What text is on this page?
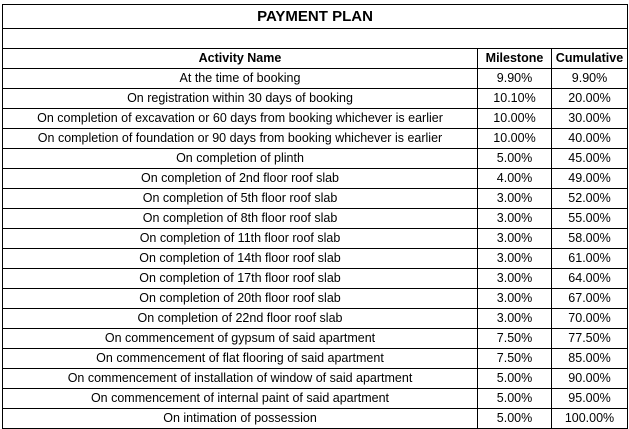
PAYMENT PLAN		

Activity Name	Milestone	Cumulative
At the time of booking	9.90%	9.90%
On registration within 30 days of booking	10.10%	20.00%
On completion of excavation or 60 days from booking whichever is earlier	10.00%	30.00%
On completion of foundation or 90 days from booking whichever is earlier	10.00%	40.00%
On completion of plinth	5.00%	45.00%
On completion of 2nd floor roof slab	4.00%	49.00%
On completion of 5th floor roof slab	3.00%	52.00%
On completion of 8th floor roof slab	3.00%	55.00%
On completion of 11th floor roof slab	3.00%	58.00%
On completion of 14th floor roof slab	3.00%	61.00%
On completion of 17th floor roof slab	3.00%	64.00%
On completion of 20th floor roof slab	3.00%	67.00%
On completion of 22nd floor roof slab	3.00%	70.00%
On commencement of gypsum of said apartment	7.50%	77.50%
On commencement of flat flooring of said apartment	7.50%	85.00%
On commencement of installation of window of said apartment	5.00%	90.00%
On commencement of internal paint of said apartment	5.00%	95.00%
On intimation of possession	5.00%	100.00%
